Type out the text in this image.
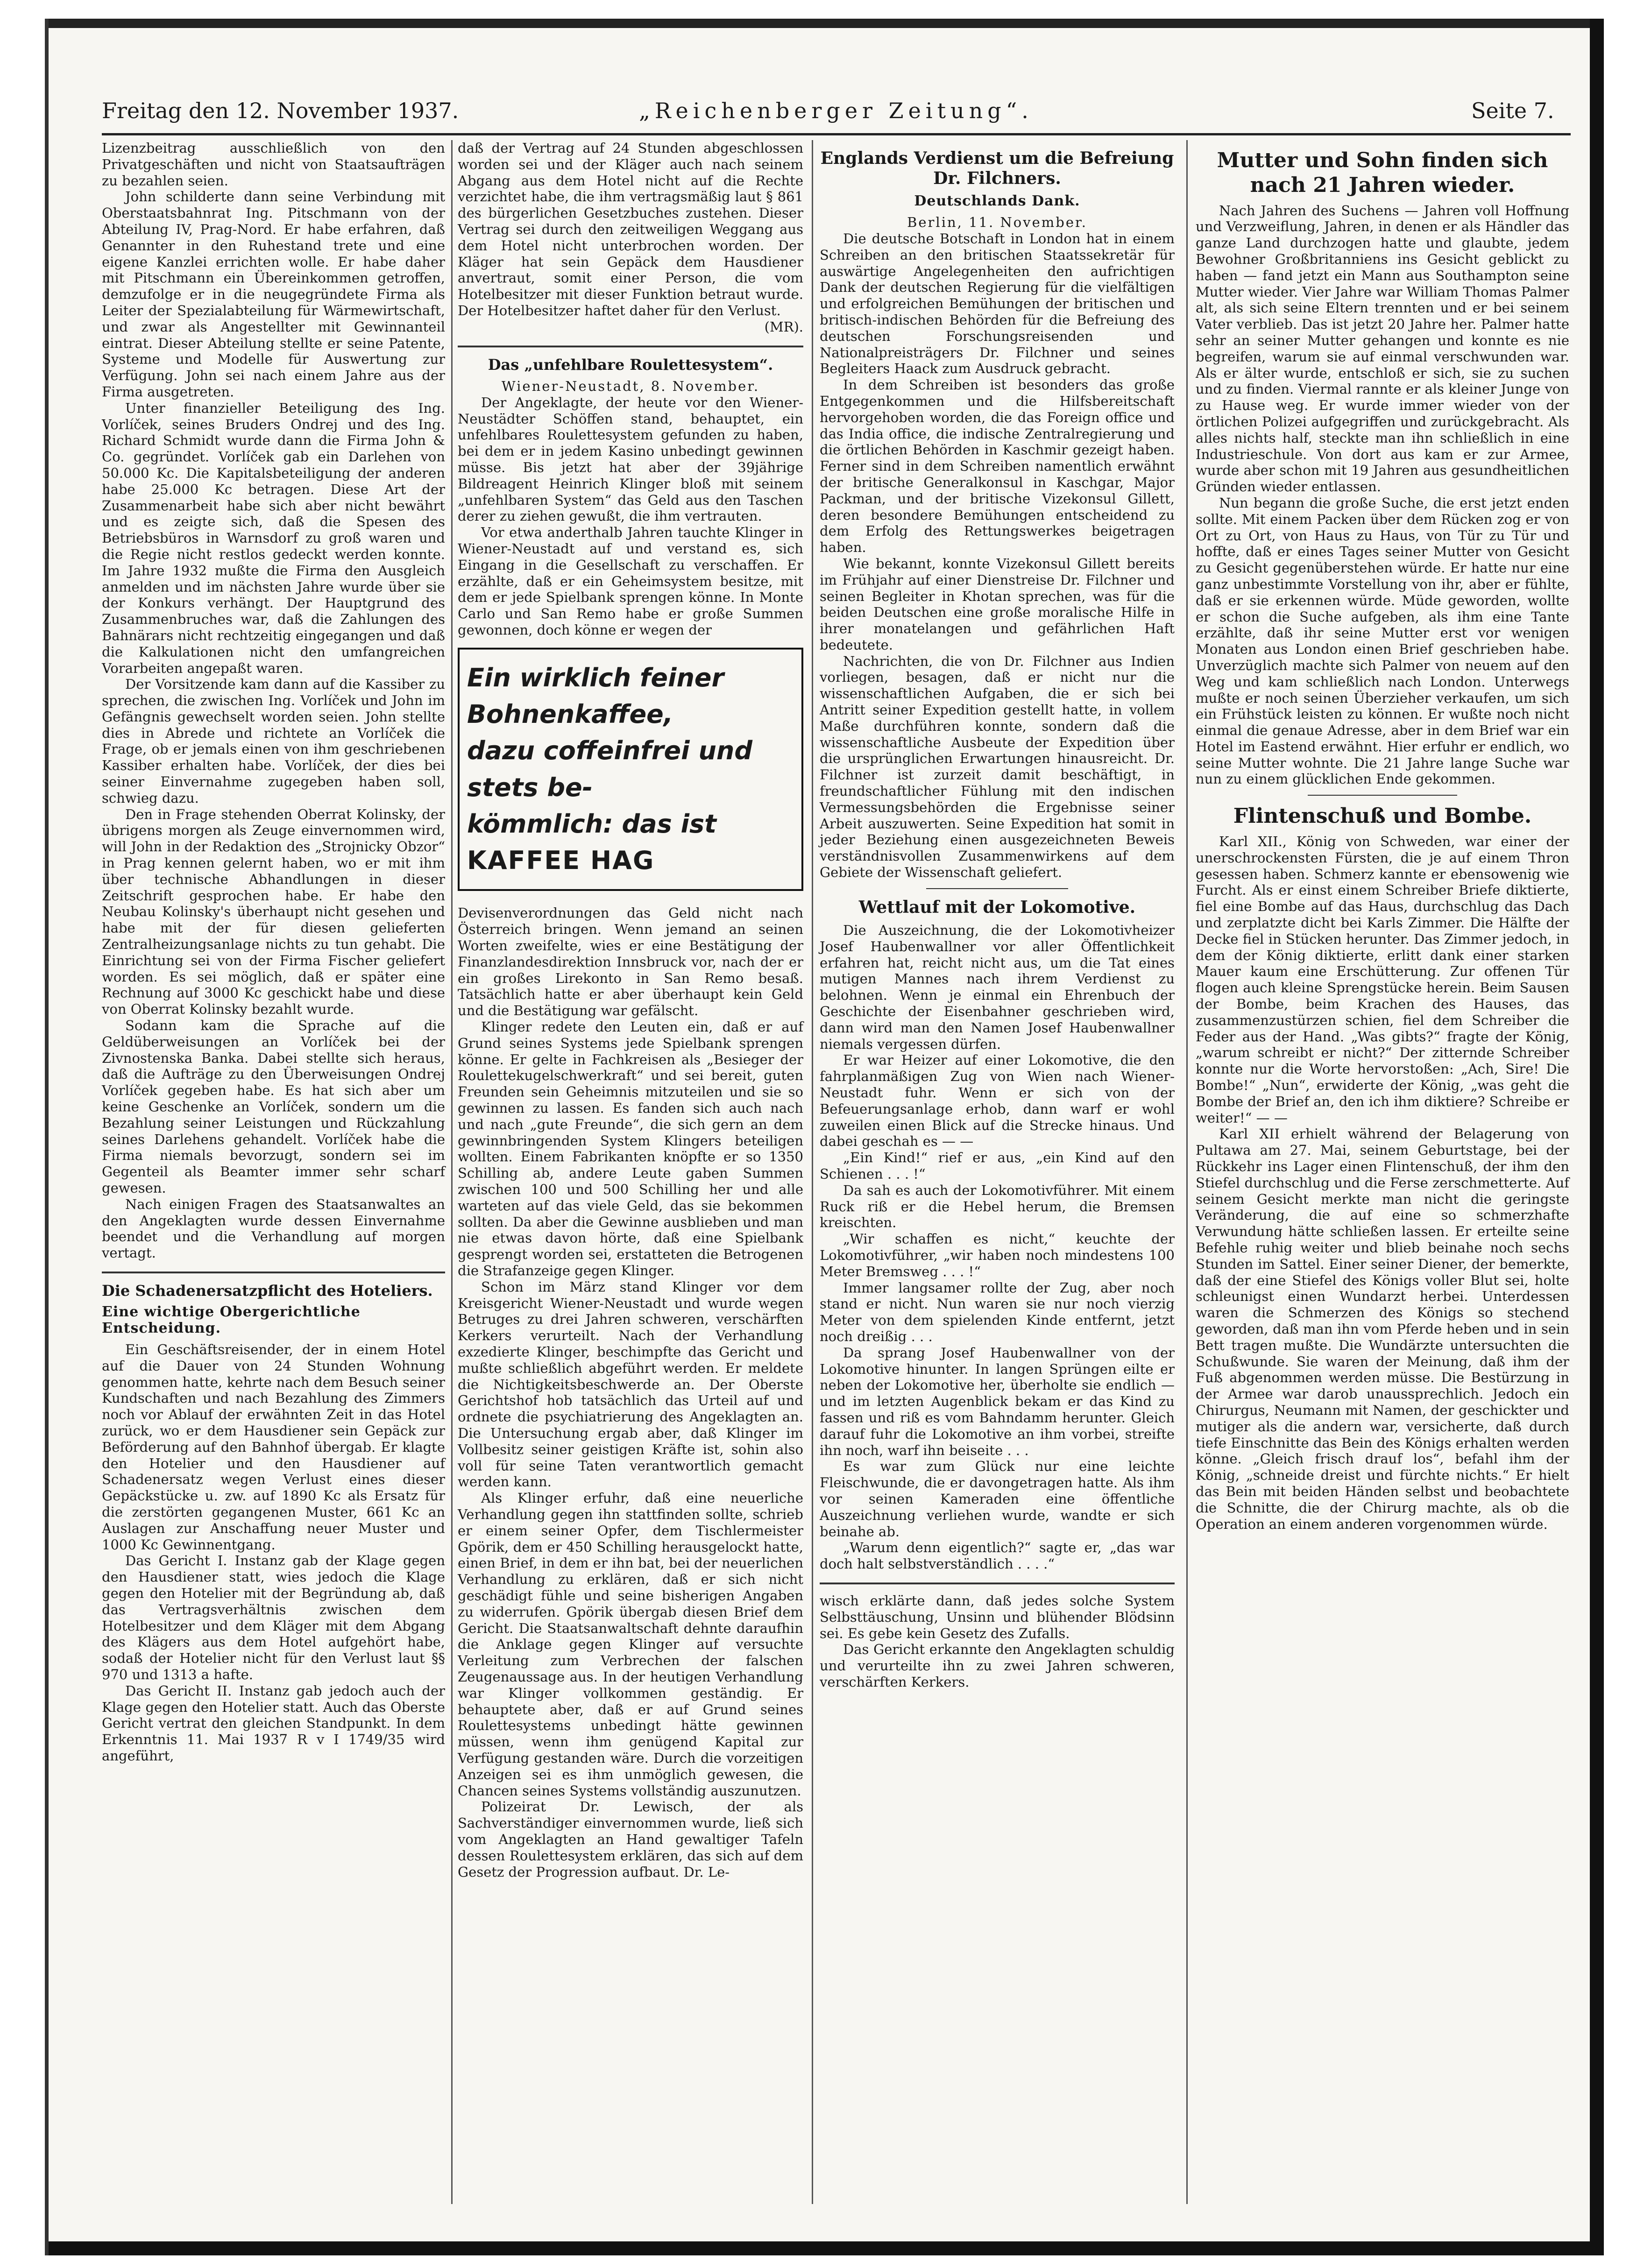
Freitag den 12. November 1937.	„Reichenberger Zeitung“.	Seite 7.

Lizenzbeitrag ausschließlich von den Privatgeschäften und nicht von Staatsaufträgen zu bezahlen seien.

John schilderte dann seine Verbindung mit Oberstaatsbahnrat Ing. Pitschmann von der Abteilung IV, Prag-Nord. Er habe erfahren, daß Genannter in den Ruhestand trete und eine eigene Kanzlei errichten wolle. Er habe daher mit Pitschmann ein Übereinkommen getroffen, demzufolge er in die neugegründete Firma als Leiter der Spezialabteilung für Wärmewirtschaft, und zwar als Angestellter mit Gewinnanteil eintrat. Dieser Abteilung stellte er seine Patente, Systeme und Modelle für Auswertung zur Verfügung. John sei nach einem Jahre aus der Firma ausgetreten.

Unter finanzieller Beteiligung des Ing. Vorlíček, seines Bruders Ondrej und des Ing. Richard Schmidt wurde dann die Firma John & Co. gegründet. Vorlíček gab ein Darlehen von 50.000 Kc. Die Kapitalsbeteiligung der anderen habe 25.000 Kc betragen. Diese Art der Zusammenarbeit habe sich aber nicht bewährt und es zeigte sich, daß die Spesen des Betriebsbüros in Warnsdorf zu groß waren und die Regie nicht restlos gedeckt werden konnte. Im Jahre 1932 mußte die Firma den Ausgleich anmelden und im nächsten Jahre wurde über sie der Konkurs verhängt. Der Hauptgrund des Zusammenbruches war, daß die Zahlungen des Bahnärars nicht rechtzeitig eingegangen und daß die Kalkulationen nicht den umfangreichen Vorarbeiten angepaßt waren.

Der Vorsitzende kam dann auf die Kassiber zu sprechen, die zwischen Ing. Vorlíček und John im Gefängnis gewechselt worden seien. John stellte dies in Abrede und richtete an Vorlíček die Frage, ob er jemals einen von ihm geschriebenen Kassiber erhalten habe. Vorlíček, der dies bei seiner Einvernahme zugegeben haben soll, schwieg dazu.

Den in Frage stehenden Oberrat Kolinsky, der übrigens morgen als Zeuge einvernommen wird, will John in der Redaktion des „Strojnicky Obzor“ in Prag kennen gelernt haben, wo er mit ihm über technische Abhandlungen in dieser Zeitschrift gesprochen habe. Er habe den Neubau Kolinsky's überhaupt nicht gesehen und habe mit der für diesen gelieferten Zentralheizungsanlage nichts zu tun gehabt. Die Einrichtung sei von der Firma Fischer geliefert worden. Es sei möglich, daß er später eine Rechnung auf 3000 Kc geschickt habe und diese von Oberrat Kolinsky bezahlt wurde.

Sodann kam die Sprache auf die Geldüberweisungen an Vorlíček bei der Zivnostenska Banka. Dabei stellte sich heraus, daß die Aufträge zu den Überweisungen Ondrej Vorlíček gegeben habe. Es hat sich aber um keine Geschenke an Vorlíček, sondern um die Bezahlung seiner Leistungen und Rückzahlung seines Darlehens gehandelt. Vorlíček habe die Firma niemals bevorzugt, sondern sei im Gegenteil als Beamter immer sehr scharf gewesen.

Nach einigen Fragen des Staatsanwaltes an den Angeklagten wurde dessen Einvernahme beendet und die Verhandlung auf morgen vertagt.

Die Schadenersatzpflicht des Hoteliers.
Eine wichtige Obergerichtliche Entscheidung.

Ein Geschäftsreisender, der in einem Hotel auf die Dauer von 24 Stunden Wohnung genommen hatte, kehrte nach dem Besuch seiner Kundschaften und nach Bezahlung des Zimmers noch vor Ablauf der erwähnten Zeit in das Hotel zurück, wo er dem Hausdiener sein Gepäck zur Beförderung auf den Bahnhof übergab. Er klagte den Hotelier und den Hausdiener auf Schadenersatz wegen Verlust eines dieser Gepäckstücke u. zw. auf 1890 Kc als Ersatz für die zerstörten gegangenen Muster, 661 Kc an Auslagen zur Anschaffung neuer Muster und 1000 Kc Gewinnentgang.

Das Gericht I. Instanz gab der Klage gegen den Hausdiener statt, wies jedoch die Klage gegen den Hotelier mit der Begründung ab, daß das Vertragsverhältnis zwischen dem Hotelbesitzer und dem Kläger mit dem Abgang des Klägers aus dem Hotel aufgehört habe, sodaß der Hotelier nicht für den Verlust laut §§ 970 und 1313 a hafte.

Das Gericht II. Instanz gab jedoch auch der Klage gegen den Hotelier statt. Auch das Oberste Gericht vertrat den gleichen Standpunkt. In dem Erkenntnis 11. Mai 1937 R v I 1749/35 wird angeführt,

daß der Vertrag auf 24 Stunden abgeschlossen worden sei und der Kläger auch nach seinem Abgang aus dem Hotel nicht auf die Rechte verzichtet habe, die ihm vertragsmäßig laut § 861 des bürgerlichen Gesetzbuches zustehen. Dieser Vertrag sei durch den zeitweiligen Weggang aus dem Hotel nicht unterbrochen worden. Der Kläger hat sein Gepäck dem Hausdiener anvertraut, somit einer Person, die vom Hotelbesitzer mit dieser Funktion betraut wurde. Der Hotelbesitzer haftet daher für den Verlust.

(MR).
Das „unfehlbare Roulettesystem“.

Wiener-Neustadt, 8. November.

Der Angeklagte, der heute vor den Wiener-Neustädter Schöffen stand, behauptet, ein unfehlbares Roulettesystem gefunden zu haben, bei dem er in jedem Kasino unbedingt gewinnen müsse. Bis jetzt hat aber der 39jährige Bildreagent Heinrich Klinger bloß mit seinem „unfehlbaren System“ das Geld aus den Taschen derer zu ziehen gewußt, die ihm vertrauten.

Vor etwa anderthalb Jahren tauchte Klinger in Wiener-Neustadt auf und verstand es, sich Eingang in die Gesellschaft zu verschaffen. Er erzählte, daß er ein Geheimsystem besitze, mit dem er jede Spielbank sprengen könne. In Monte Carlo und San Remo habe er große Summen gewonnen, doch könne er wegen der

Ein wirklich feiner Bohnenkaffee,
dazu coffeinfrei und stets be-
kömmlich: das ist KAFFEE HAG

Devisenverordnungen das Geld nicht nach Österreich bringen. Wenn jemand an seinen Worten zweifelte, wies er eine Bestätigung der Finanzlandesdirektion Innsbruck vor, nach der er ein großes Lirekonto in San Remo besaß. Tatsächlich hatte er aber überhaupt kein Geld und die Bestätigung war gefälscht.

Klinger redete den Leuten ein, daß er auf Grund seines Systems jede Spielbank sprengen könne. Er gelte in Fachkreisen als „Besieger der Roulettekugelschwerkraft“ und sei bereit, guten Freunden sein Geheimnis mitzuteilen und sie so gewinnen zu lassen. Es fanden sich auch nach und nach „gute Freunde“, die sich gern an dem gewinnbringenden System Klingers beteiligen wollten. Einem Fabrikanten knöpfte er so 1350 Schilling ab, andere Leute gaben Summen zwischen 100 und 500 Schilling her und alle warteten auf das viele Geld, das sie bekommen sollten. Da aber die Gewinne ausblieben und man nie etwas davon hörte, daß eine Spielbank gesprengt worden sei, erstatteten die Betrogenen die Strafanzeige gegen Klinger.

Schon im März stand Klinger vor dem Kreisgericht Wiener-Neustadt und wurde wegen Betruges zu drei Jahren schweren, verschärften Kerkers verurteilt. Nach der Verhandlung exzedierte Klinger, beschimpfte das Gericht und mußte schließlich abgeführt werden. Er meldete die Nichtigkeitsbeschwerde an. Der Oberste Gerichtshof hob tatsächlich das Urteil auf und ordnete die psychiatrierung des Angeklagten an. Die Untersuchung ergab aber, daß Klinger im Vollbesitz seiner geistigen Kräfte ist, sohin also voll für seine Taten verantwortlich gemacht werden kann.

Als Klinger erfuhr, daß eine neuerliche Verhandlung gegen ihn stattfinden sollte, schrieb er einem seiner Opfer, dem Tischlermeister Gpörik, dem er 450 Schilling herausgelockt hatte, einen Brief, in dem er ihn bat, bei der neuerlichen Verhandlung zu erklären, daß er sich nicht geschädigt fühle und seine bisherigen Angaben zu widerrufen. Gpörik übergab diesen Brief dem Gericht. Die Staatsanwaltschaft dehnte daraufhin die Anklage gegen Klinger auf versuchte Verleitung zum Verbrechen der falschen Zeugenaussage aus. In der heutigen Verhandlung war Klinger vollkommen geständig. Er behauptete aber, daß er auf Grund seines Roulettesystems unbedingt hätte gewinnen müssen, wenn ihm genügend Kapital zur Verfügung gestanden wäre. Durch die vorzeitigen Anzeigen sei es ihm unmöglich gewesen, die Chancen seines Systems vollständig auszunutzen.

Polizeirat Dr. Lewisch, der als Sachverständiger einvernommen wurde, ließ sich vom Angeklagten an Hand gewaltiger Tafeln dessen Roulettesystem erklären, das sich auf dem Gesetz der Progression aufbaut. Dr. Le-

Englands Verdienst um die Befreiung Dr. Filchners.
Deutschlands Dank.

Berlin, 11. November.

Die deutsche Botschaft in London hat in einem Schreiben an den britischen Staatssekretär für auswärtige Angelegenheiten den aufrichtigen Dank der deutschen Regierung für die vielfältigen und erfolgreichen Bemühungen der britischen und britisch-indischen Behörden für die Befreiung des deutschen Forschungsreisenden und Nationalpreisträgers Dr. Filchner und seines Begleiters Haack zum Ausdruck gebracht.

In dem Schreiben ist besonders das große Entgegenkommen und die Hilfsbereitschaft hervorgehoben worden, die das Foreign office und das India office, die indische Zentralregierung und die örtlichen Behörden in Kaschmir gezeigt haben. Ferner sind in dem Schreiben namentlich erwähnt der britische Generalkonsul in Kaschgar, Major Packman, und der britische Vizekonsul Gillett, deren besondere Bemühungen entscheidend zu dem Erfolg des Rettungswerkes beigetragen haben.

Wie bekannt, konnte Vizekonsul Gillett bereits im Frühjahr auf einer Dienstreise Dr. Filchner und seinen Begleiter in Khotan sprechen, was für die beiden Deutschen eine große moralische Hilfe in ihrer monatelangen und gefährlichen Haft bedeutete.

Nachrichten, die von Dr. Filchner aus Indien vorliegen, besagen, daß er nicht nur die wissenschaftlichen Aufgaben, die er sich bei Antritt seiner Expedition gestellt hatte, in vollem Maße durchführen konnte, sondern daß die wissenschaftliche Ausbeute der Expedition über die ursprünglichen Erwartungen hinausreicht. Dr. Filchner ist zurzeit damit beschäftigt, in freundschaftlicher Fühlung mit den indischen Vermessungsbehörden die Ergebnisse seiner Arbeit auszuwerten. Seine Expedition hat somit in jeder Beziehung einen ausgezeichneten Beweis verständnisvollen Zusammenwirkens auf dem Gebiete der Wissenschaft geliefert.

Wettlauf mit der Lokomotive.

Die Auszeichnung, die der Lokomotivheizer Josef Haubenwallner vor aller Öffentlichkeit erfahren hat, reicht nicht aus, um die Tat eines mutigen Mannes nach ihrem Verdienst zu belohnen. Wenn je einmal ein Ehrenbuch der Geschichte der Eisenbahner geschrieben wird, dann wird man den Namen Josef Haubenwallner niemals vergessen dürfen.

Er war Heizer auf einer Lokomotive, die den fahrplanmäßigen Zug von Wien nach Wiener-Neustadt fuhr. Wenn er sich von der Befeuerungsanlage erhob, dann warf er wohl zuweilen einen Blick auf die Strecke hinaus. Und dabei geschah es — —

„Ein Kind!“ rief er aus, „ein Kind auf den Schienen . . . !“

Da sah es auch der Lokomotivführer. Mit einem Ruck riß er die Hebel herum, die Bremsen kreischten.

„Wir schaffen es nicht,“ keuchte der Lokomotivführer, „wir haben noch mindestens 100 Meter Bremsweg . . . !“

Immer langsamer rollte der Zug, aber noch stand er nicht. Nun waren sie nur noch vierzig Meter von dem spielenden Kinde entfernt, jetzt noch dreißig . . .

Da sprang Josef Haubenwallner von der Lokomotive hinunter. In langen Sprüngen eilte er neben der Lokomotive her, überholte sie endlich — und im letzten Augenblick bekam er das Kind zu fassen und riß es vom Bahndamm herunter. Gleich darauf fuhr die Lokomotive an ihm vorbei, streifte ihn noch, warf ihn beiseite . . .

Es war zum Glück nur eine leichte Fleischwunde, die er davongetragen hatte. Als ihm vor seinen Kameraden eine öffentliche Auszeichnung verliehen wurde, wandte er sich beinahe ab.

„Warum denn eigentlich?“ sagte er, „das war doch halt selbstverständlich . . . .“

wisch erklärte dann, daß jedes solche System Selbsttäuschung, Unsinn und blühender Blödsinn sei. Es gebe kein Gesetz des Zufalls.

Das Gericht erkannte den Angeklagten schuldig und verurteilte ihn zu zwei Jahren schweren, verschärften Kerkers.

Mutter und Sohn finden sich nach 21 Jahren wieder.

Nach Jahren des Suchens — Jahren voll Hoffnung und Verzweiflung, Jahren, in denen er als Händler das ganze Land durchzogen hatte und glaubte, jedem Bewohner Großbritanniens ins Gesicht geblickt zu haben — fand jetzt ein Mann aus Southampton seine Mutter wieder. Vier Jahre war William Thomas Palmer alt, als sich seine Eltern trennten und er bei seinem Vater verblieb. Das ist jetzt 20 Jahre her. Palmer hatte sehr an seiner Mutter gehangen und konnte es nie begreifen, warum sie auf einmal verschwunden war. Als er älter wurde, entschloß er sich, sie zu suchen und zu finden. Viermal rannte er als kleiner Junge von zu Hause weg. Er wurde immer wieder von der örtlichen Polizei aufgegriffen und zurückgebracht. Als alles nichts half, steckte man ihn schließlich in eine Industrieschule. Von dort aus kam er zur Armee, wurde aber schon mit 19 Jahren aus gesundheitlichen Gründen wieder entlassen.

Nun begann die große Suche, die erst jetzt enden sollte. Mit einem Packen über dem Rücken zog er von Ort zu Ort, von Haus zu Haus, von Tür zu Tür und hoffte, daß er eines Tages seiner Mutter von Gesicht zu Gesicht gegenüberstehen würde. Er hatte nur eine ganz unbestimmte Vorstellung von ihr, aber er fühlte, daß er sie erkennen würde. Müde geworden, wollte er schon die Suche aufgeben, als ihm eine Tante erzählte, daß ihr seine Mutter erst vor wenigen Monaten aus London einen Brief geschrieben habe. Unverzüglich machte sich Palmer von neuem auf den Weg und kam schließlich nach London. Unterwegs mußte er noch seinen Überzieher verkaufen, um sich ein Frühstück leisten zu können. Er wußte noch nicht einmal die genaue Adresse, aber in dem Brief war ein Hotel im Eastend erwähnt. Hier erfuhr er endlich, wo seine Mutter wohnte. Die 21 Jahre lange Suche war nun zu einem glücklichen Ende gekommen.

Flintenschuß und Bombe.

Karl XII., König von Schweden, war einer der unerschrockensten Fürsten, die je auf einem Thron gesessen haben. Schmerz kannte er ebensowenig wie Furcht. Als er einst einem Schreiber Briefe diktierte, fiel eine Bombe auf das Haus, durchschlug das Dach und zerplatzte dicht bei Karls Zimmer. Die Hälfte der Decke fiel in Stücken herunter. Das Zimmer jedoch, in dem der König diktierte, erlitt dank einer starken Mauer kaum eine Erschütterung. Zur offenen Tür flogen auch kleine Sprengstücke herein. Beim Sausen der Bombe, beim Krachen des Hauses, das zusammenzustürzen schien, fiel dem Schreiber die Feder aus der Hand. „Was gibts?“ fragte der König, „warum schreibt er nicht?“ Der zitternde Schreiber konnte nur die Worte hervorstoßen: „Ach, Sire! Die Bombe!“ „Nun“, erwiderte der König, „was geht die Bombe der Brief an, den ich ihm diktiere? Schreibe er weiter!“ — —

Karl XII erhielt während der Belagerung von Pultawa am 27. Mai, seinem Geburtstage, bei der Rückkehr ins Lager einen Flintenschuß, der ihm den Stiefel durchschlug und die Ferse zerschmetterte. Auf seinem Gesicht merkte man nicht die geringste Veränderung, die auf eine so schmerzhafte Verwundung hätte schließen lassen. Er erteilte seine Befehle ruhig weiter und blieb beinahe noch sechs Stunden im Sattel. Einer seiner Diener, der bemerkte, daß der eine Stiefel des Königs voller Blut sei, holte schleunigst einen Wundarzt herbei. Unterdessen waren die Schmerzen des Königs so stechend geworden, daß man ihn vom Pferde heben und in sein Bett tragen mußte. Die Wundärzte untersuchten die Schußwunde. Sie waren der Meinung, daß ihm der Fuß abgenommen werden müsse. Die Bestürzung in der Armee war darob unaussprechlich. Jedoch ein Chirurgus, Neumann mit Namen, der geschickter und mutiger als die andern war, versicherte, daß durch tiefe Einschnitte das Bein des Königs erhalten werden könne. „Gleich frisch drauf los“, befahl ihm der König, „schneide dreist und fürchte nichts.“ Er hielt das Bein mit beiden Händen selbst und beobachtete die Schnitte, die der Chirurg machte, als ob die Operation an einem anderen vorgenommen würde.
